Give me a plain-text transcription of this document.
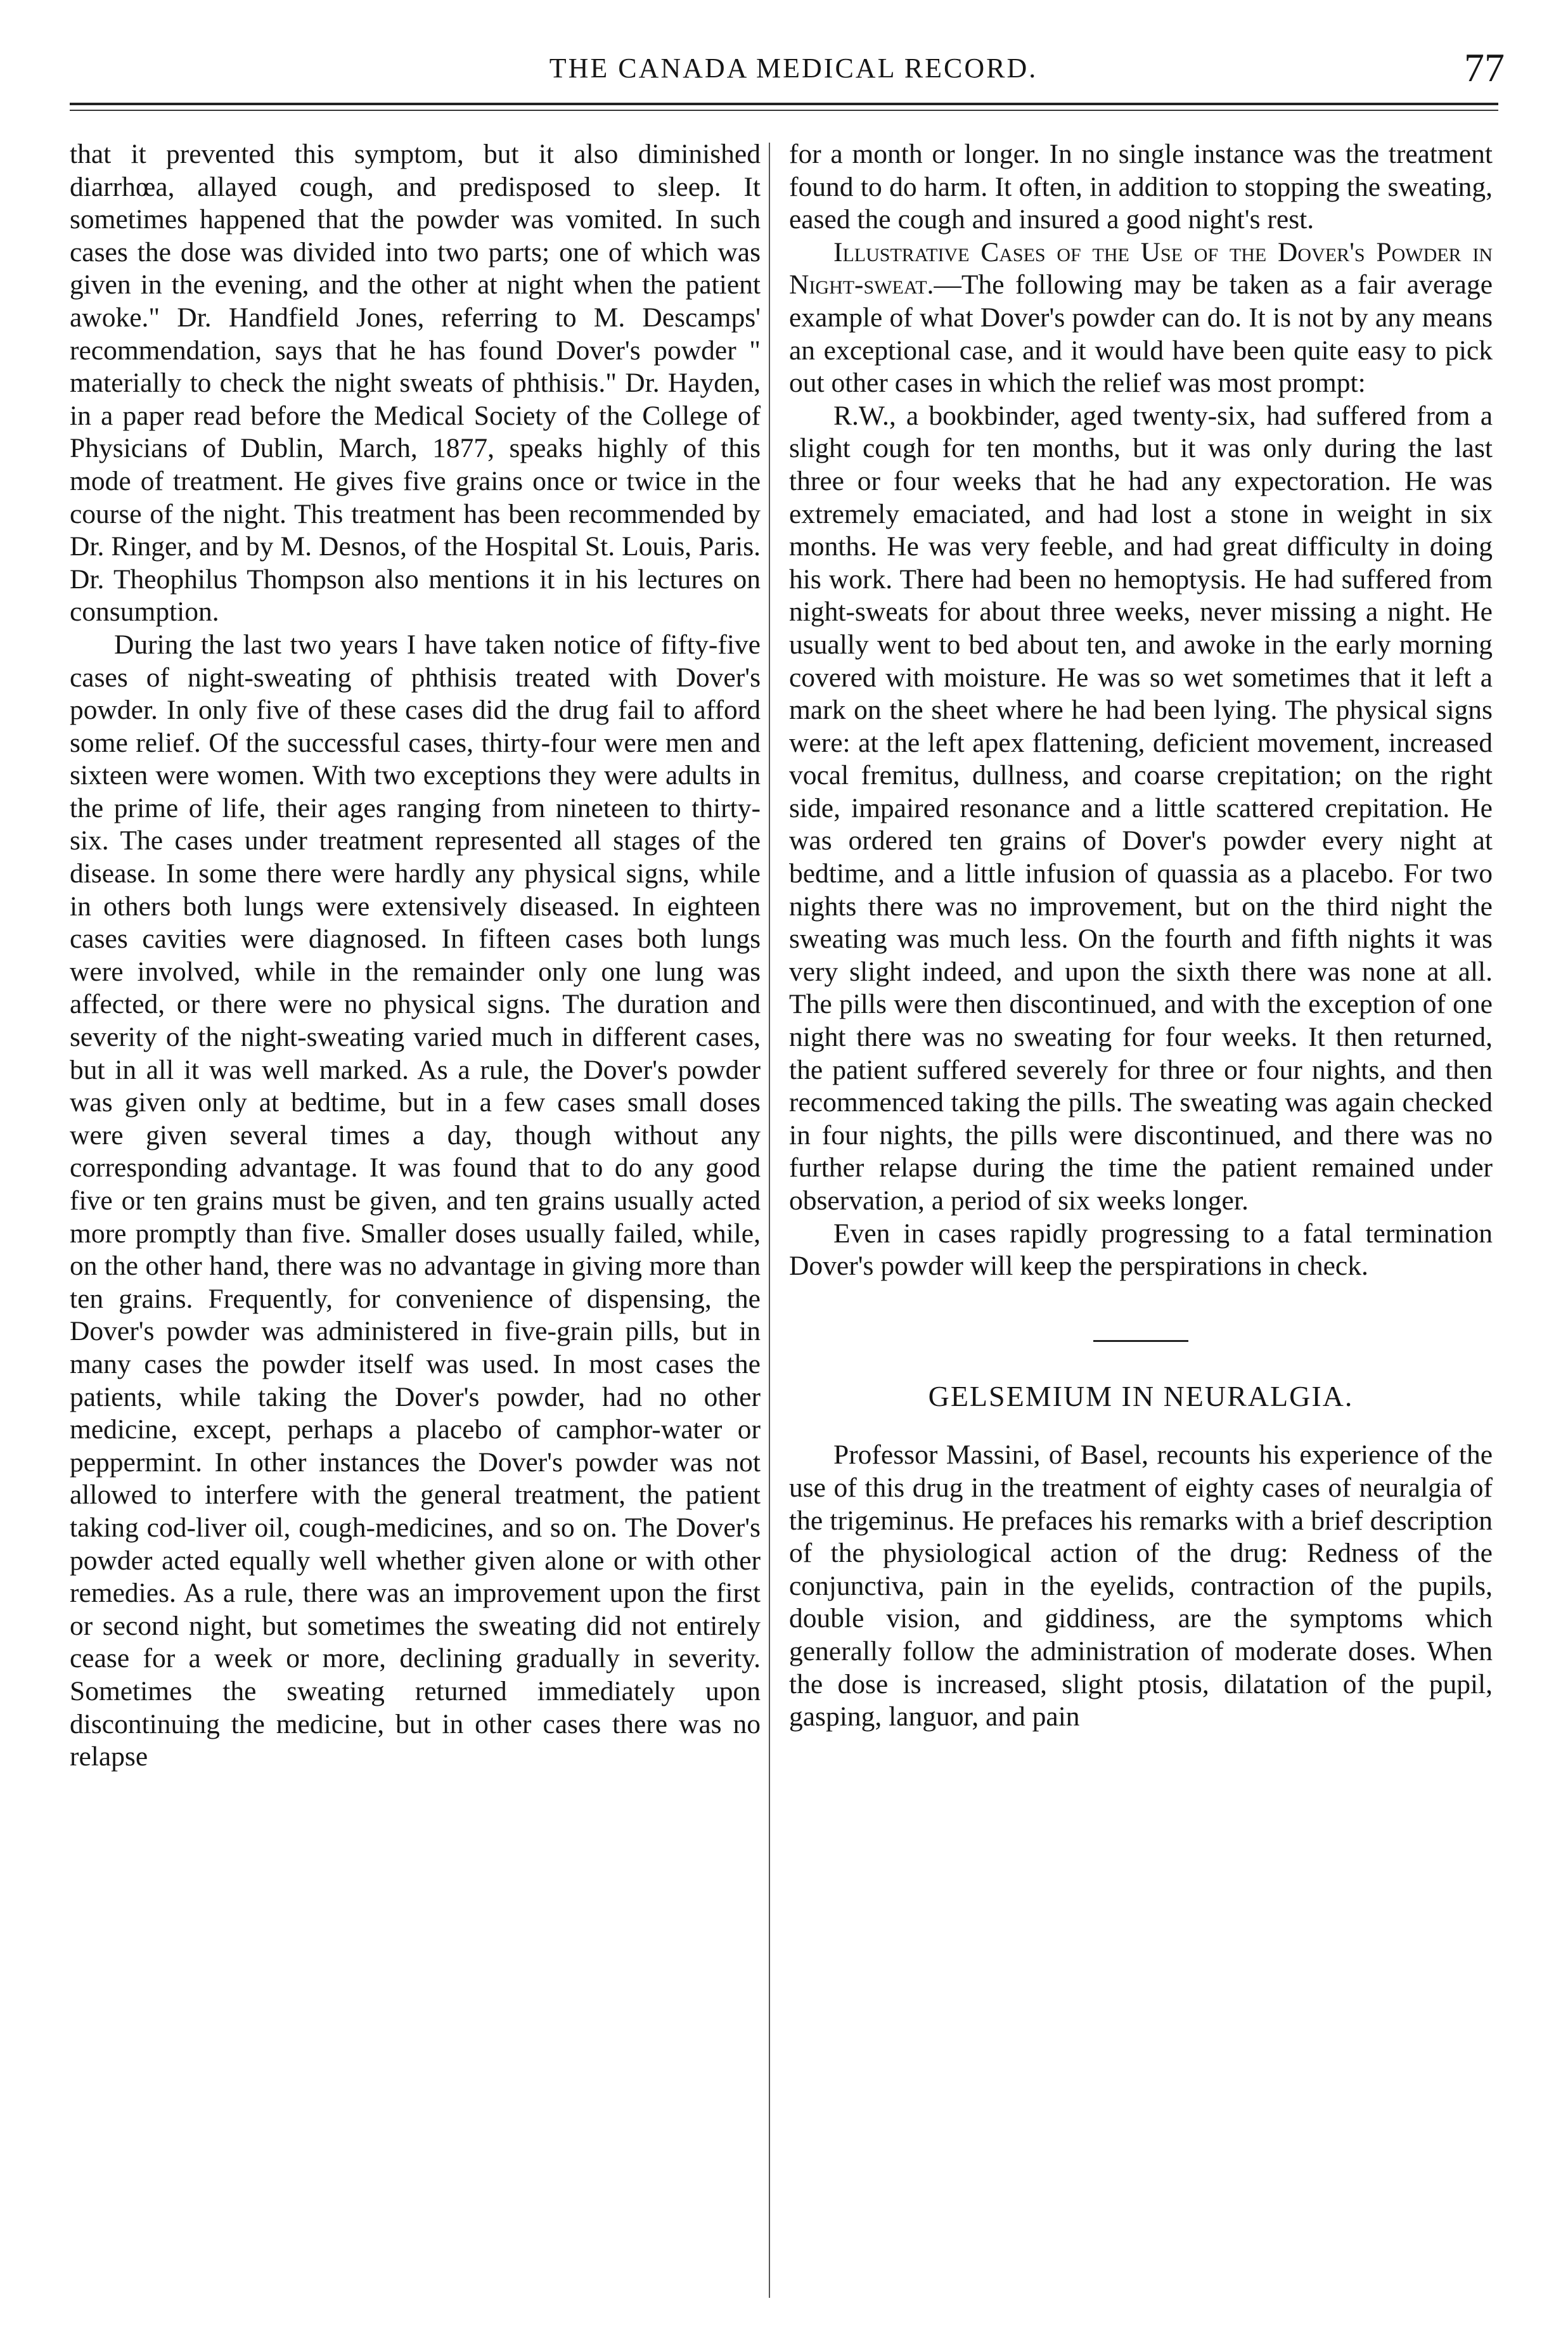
THE CANADA MEDICAL RECORD.	77

that it prevented this symptom, but it also diminished diarrhœa, allayed cough, and predisposed to sleep. It sometimes happened that the powder was vomited. In such cases the dose was divided into two parts; one of which was given in the evening, and the other at night when the patient awoke." Dr. Handfield Jones, referring to M. Descamps' recommendation, says that he has found Dover's powder " materially to check the night sweats of phthisis." Dr. Hayden, in a paper read before the Medical Society of the College of Physicians of Dublin, March, 1877, speaks highly of this mode of treatment. He gives five grains once or twice in the course of the night. This treatment has been recommended by Dr. Ringer, and by M. Desnos, of the Hospital St. Louis, Paris. Dr. Theophilus Thompson also mentions it in his lectures on consumption.

During the last two years I have taken notice of fifty-five cases of night-sweating of phthisis treated with Dover's powder. In only five of these cases did the drug fail to afford some relief. Of the successful cases, thirty-four were men and sixteen were women. With two exceptions they were adults in the prime of life, their ages ranging from nineteen to thirty-six. The cases under treatment represented all stages of the disease. In some there were hardly any physical signs, while in others both lungs were extensively diseased. In eighteen cases cavities were diagnosed. In fifteen cases both lungs were involved, while in the remainder only one lung was affected, or there were no physical signs. The duration and severity of the night-sweating varied much in different cases, but in all it was well marked. As a rule, the Dover's powder was given only at bedtime, but in a few cases small doses were given several times a day, though without any corresponding advantage. It was found that to do any good five or ten grains must be given, and ten grains usually acted more promptly than five. Smaller doses usually failed, while, on the other hand, there was no advantage in giving more than ten grains. Frequently, for convenience of dispensing, the Dover's powder was administered in five-grain pills, but in many cases the powder itself was used. In most cases the patients, while taking the Dover's powder, had no other medicine, except, perhaps a placebo of camphor-water or peppermint. In other instances the Dover's powder was not allowed to interfere with the general treatment, the patient taking cod-liver oil, cough-medicines, and so on. The Dover's powder acted equally well whether given alone or with other remedies. As a rule, there was an improvement upon the first or second night, but sometimes the sweating did not entirely cease for a week or more, declining gradually in severity. Sometimes the sweating returned immediately upon discontinuing the medicine, but in other cases there was no relapse

for a month or longer. In no single instance was the treatment found to do harm. It often, in addition to stopping the sweating, eased the cough and insured a good night's rest.

Illustrative Cases of the Use of the Dover's Powder in Night-sweat.—The following may be taken as a fair average example of what Dover's powder can do. It is not by any means an exceptional case, and it would have been quite easy to pick out other cases in which the relief was most prompt:

R.W., a bookbinder, aged twenty-six, had suffered from a slight cough for ten months, but it was only during the last three or four weeks that he had any expectoration. He was extremely emaciated, and had lost a stone in weight in six months. He was very feeble, and had great difficulty in doing his work. There had been no hemoptysis. He had suffered from night-sweats for about three weeks, never missing a night. He usually went to bed about ten, and awoke in the early morning covered with moisture. He was so wet sometimes that it left a mark on the sheet where he had been lying. The physical signs were: at the left apex flattening, deficient movement, increased vocal fremitus, dullness, and coarse crepitation; on the right side, impaired resonance and a little scattered crepitation. He was ordered ten grains of Dover's powder every night at bedtime, and a little infusion of quassia as a placebo. For two nights there was no improvement, but on the third night the sweating was much less. On the fourth and fifth nights it was very slight indeed, and upon the sixth there was none at all. The pills were then discontinued, and with the exception of one night there was no sweating for four weeks. It then returned, the patient suffered severely for three or four nights, and then recommenced taking the pills. The sweating was again checked in four nights, the pills were discontinued, and there was no further relapse during the time the patient remained under observation, a period of six weeks longer.

Even in cases rapidly progressing to a fatal termination Dover's powder will keep the perspirations in check.

GELSEMIUM IN NEURALGIA.

Professor Massini, of Basel, recounts his experience of the use of this drug in the treatment of eighty cases of neuralgia of the trigeminus. He prefaces his remarks with a brief description of the physiological action of the drug: Redness of the conjunctiva, pain in the eyelids, contraction of the pupils, double vision, and giddiness, are the symptoms which generally follow the administration of moderate doses. When the dose is increased, slight ptosis, dilatation of the pupil, gasping, languor, and pain
